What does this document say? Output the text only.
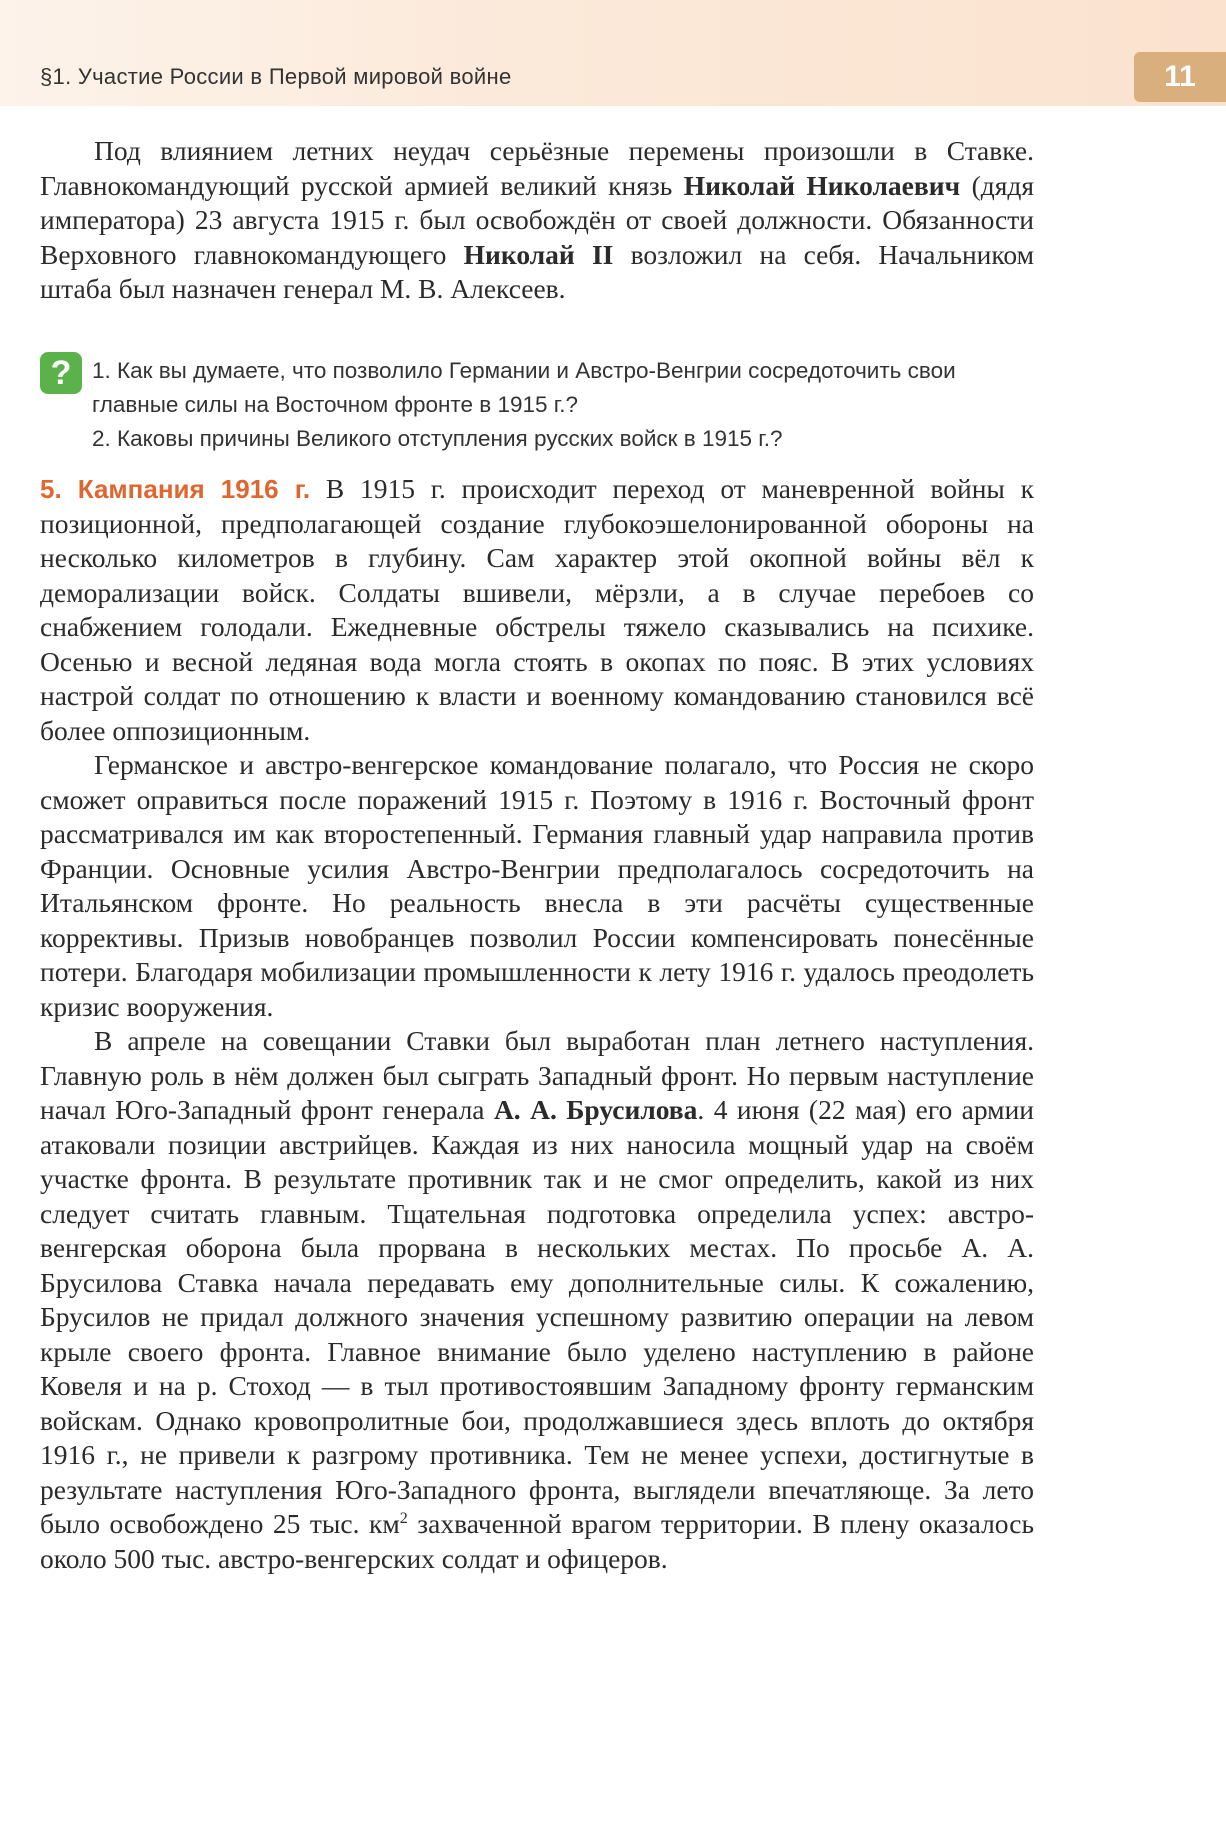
§1. Участие России в Первой мировой войне	11

Под влиянием летних неудач серьёзные перемены произошли в Ставке. Главнокомандующий русской армией великий князь Николай Николаевич (дядя императора) 23 августа 1915 г. был освобождён от своей должности. Обязанности Верховного главнокомандующего Николай II возложил на себя. Начальником штаба был назначен генерал М. В. Алексеев.

? 1. Как вы думаете, что позволило Германии и Австро-Венгрии сосредоточить свои главные силы на Восточном фронте в 1915 г.?
2. Каковы причины Великого отступления русских войск в 1915 г.?

5. Кампания 1916 г. В 1915 г. происходит переход от маневренной войны к позиционной, предполагающей создание глубокоэшелонированной обороны на несколько километров в глубину. Сам характер этой окопной войны вёл к деморализации войск. Солдаты вшивели, мёрзли, а в случае перебоев со снабжением голодали. Ежедневные обстрелы тяжело сказывались на психике. Осенью и весной ледяная вода могла стоять в окопах по пояс. В этих условиях настрой солдат по отношению к власти и военному командованию становился всё более оппозиционным.

Германское и австро-венгерское командование полагало, что Россия не скоро сможет оправиться после поражений 1915 г. Поэтому в 1916 г. Восточный фронт рассматривался им как второстепенный. Германия главный удар направила против Франции. Основные усилия Австро-Венгрии предполагалось сосредоточить на Итальянском фронте. Но реальность внесла в эти расчёты существенные коррективы. Призыв новобранцев позволил России компенсировать понесённые потери. Благодаря мобилизации промышленности к лету 1916 г. удалось преодолеть кризис вооружения.

В апреле на совещании Ставки был выработан план летнего наступления. Главную роль в нём должен был сыграть Западный фронт. Но первым наступление начал Юго-Западный фронт генерала А. А. Брусилова. 4 июня (22 мая) его армии атаковали позиции австрийцев. Каждая из них наносила мощный удар на своём участке фронта. В результате противник так и не смог определить, какой из них следует считать главным. Тщательная подготовка определила успех: австро-венгерская оборона была прорвана в нескольких местах. По просьбе А. А. Брусилова Ставка начала передавать ему дополнительные силы. К сожалению, Брусилов не придал должного значения успешному развитию операции на левом крыле своего фронта. Главное внимание было уделено наступлению в районе Ковеля и на р. Стоход — в тыл противостоявшим Западному фронту германским войскам. Однако кровопролитные бои, продолжавшиеся здесь вплоть до октября 1916 г., не привели к разгрому противника. Тем не менее успехи, достигнутые в результате наступления Юго-Западного фронта, выглядели впечатляюще. За лето было освобождено 25 тыс. $км^2$ захваченной врагом территории. В плену оказалось около 500 тыс. австро-венгерских солдат и офицеров.
